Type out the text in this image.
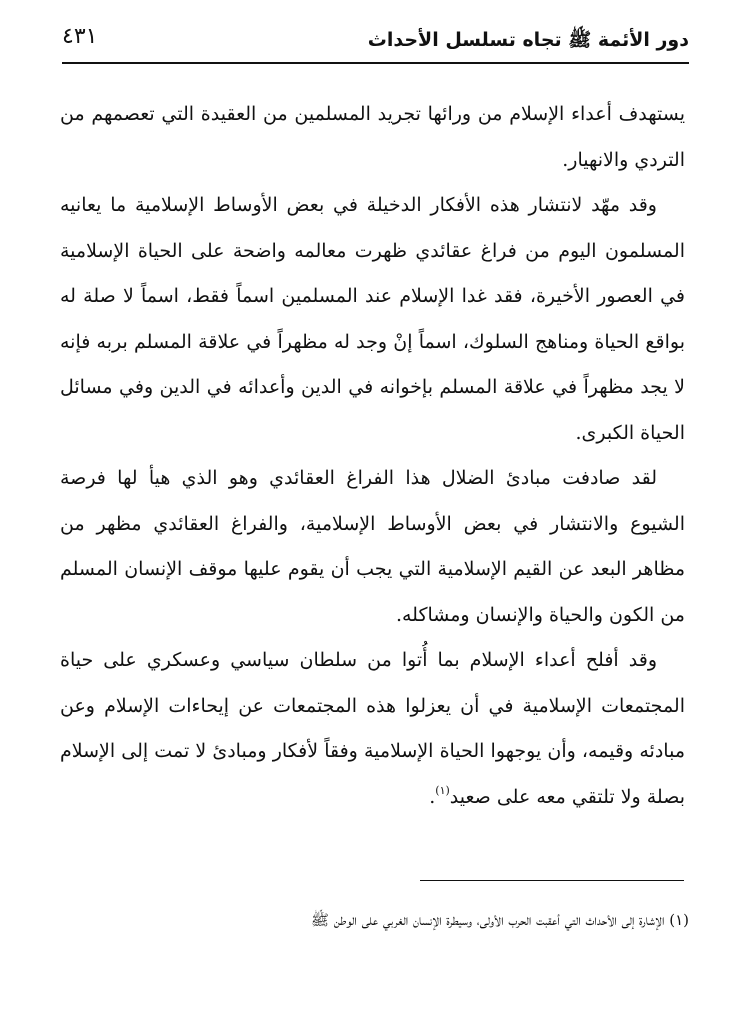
دور الأئمة ﷺ تجاه تسلسل الأحداث
٤٣١

يستهدف أعداء الإسلام من ورائها تجريد المسلمين من العقيدة التي تعصمهم من التردي والانهيار.

وقد مهّد لانتشار هذه الأفكار الدخيلة في بعض الأوساط الإسلامية ما يعانيه المسلمون اليوم من فراغ عقائدي ظهرت معالمه واضحة على الحياة الإسلامية في العصور الأخيرة، فقد غدا الإسلام عند المسلمين اسماً فقط، اسماً لا صلة له بواقع الحياة ومناهج السلوك، اسماً إنْ وجد له مظهراً في علاقة المسلم بربه فإنه لا يجد مظهراً في علاقة المسلم بإخوانه في الدين وأعدائه في الدين وفي مسائل الحياة الكبرى.

لقد صادفت مبادئ الضلال هذا الفراغ العقائدي وهو الذي هيأ لها فرصة الشيوع والانتشار في بعض الأوساط الإسلامية، والفراغ العقائدي مظهر من مظاهر البعد عن القيم الإسلامية التي يجب أن يقوم عليها موقف الإنسان المسلم من الكون والحياة والإنسان ومشاكله.

وقد أفلح أعداء الإسلام بما أُتوا من سلطان سياسي وعسكري على حياة المجتمعات الإسلامية في أن يعزلوا هذه المجتمعات عن إيحاءات الإسلام وعن مبادئه وقيمه، وأن يوجهوا الحياة الإسلامية وفقاً لأفكار ومبادئ لا تمت إلى الإسلام بصلة ولا تلتقي معه على صعيد$^{(١)}$.

(١) الإشارة إلى الأحداث التي أعقبت الحرب الأولى، وسيطرة الإنسان الغربي على الوطن ﷺ
